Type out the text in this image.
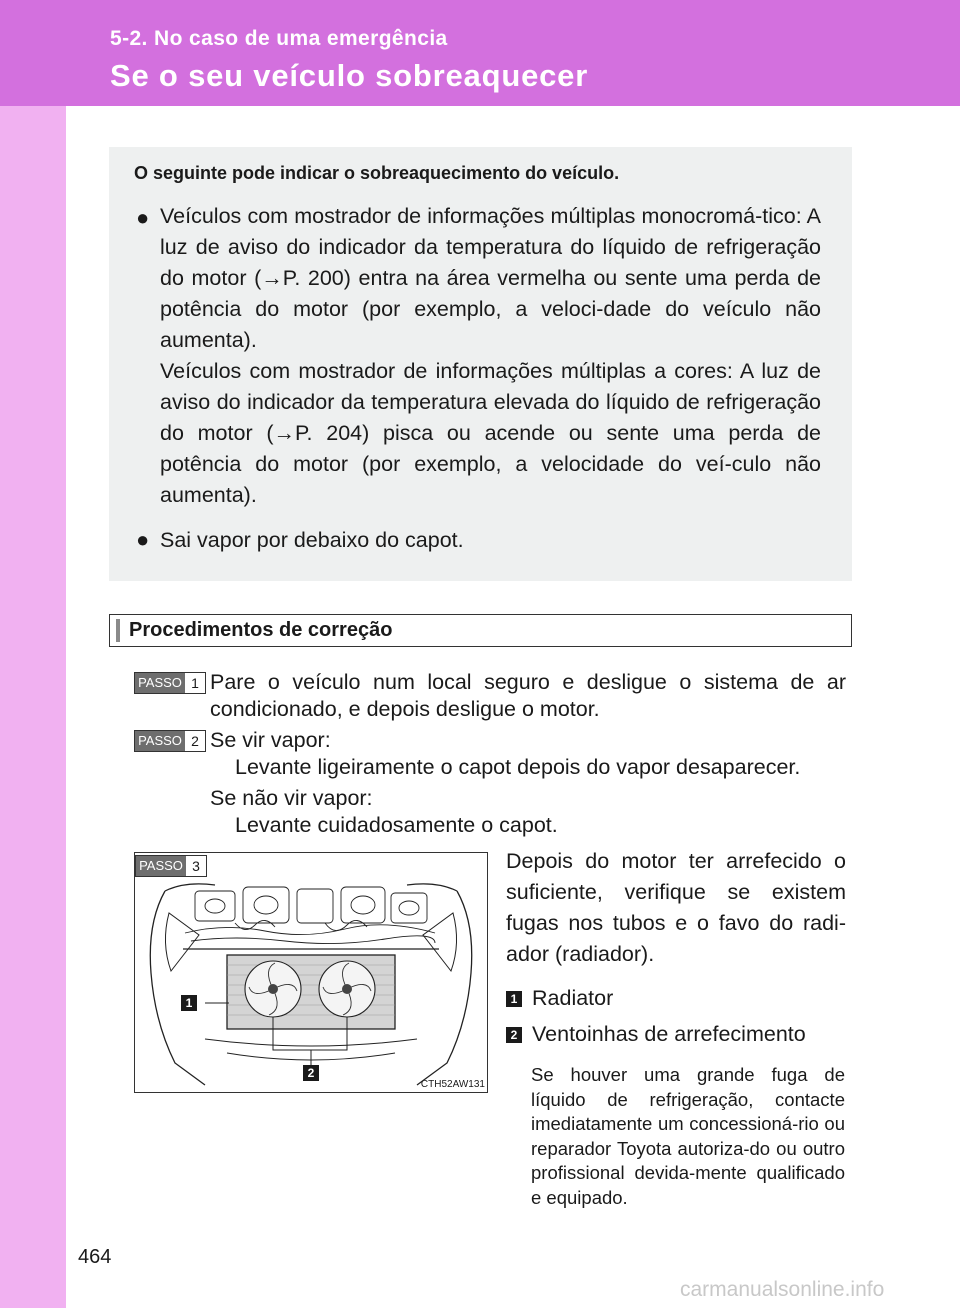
5-2. No caso de uma emergência
Se o seu veículo sobreaquecer
O seguinte pode indicar o sobreaquecimento do veículo.
● Veículos com mostrador de informações múltiplas monocromá-tico: A luz de aviso do indicador da temperatura do líquido de refrigeração do motor (→P. 200) entra na área vermelha ou sente uma perda de potência do motor (por exemplo, a veloci-dade do veículo não aumenta).

Veículos com mostrador de informações múltiplas a cores: A luz de aviso do indicador da temperatura elevada do líquido de refrigeração do motor (→P. 204) pisca ou acende ou sente uma perda de potência do motor (por exemplo, a velocidade do veí-culo não aumenta).

● Sai vapor por debaixo do capot.
Procedimentos de correção
PASSO 1 Pare o veículo num local seguro e desligue o sistema de ar condicionado, e depois desligue o motor.
PASSO 2 Se vir vapor:
Levante ligeiramente o capot depois do vapor desaparecer.
Se não vir vapor:
Levante cuidadosamente o capot.
Depois do motor ter arrefecido o suficiente, verifique se existem fugas nos tubos e o favo do radi-ador (radiador).
PASSO 3
1
2
CTH52AW131
1 Radiator
2 Ventoinhas de arrefecimento
Se houver uma grande fuga de líquido de refrigeração, contacte imediatamente um concessioná-rio ou reparador Toyota autoriza-do ou outro profissional devida-mente qualificado e equipado.
464
carmanualsonline.info
